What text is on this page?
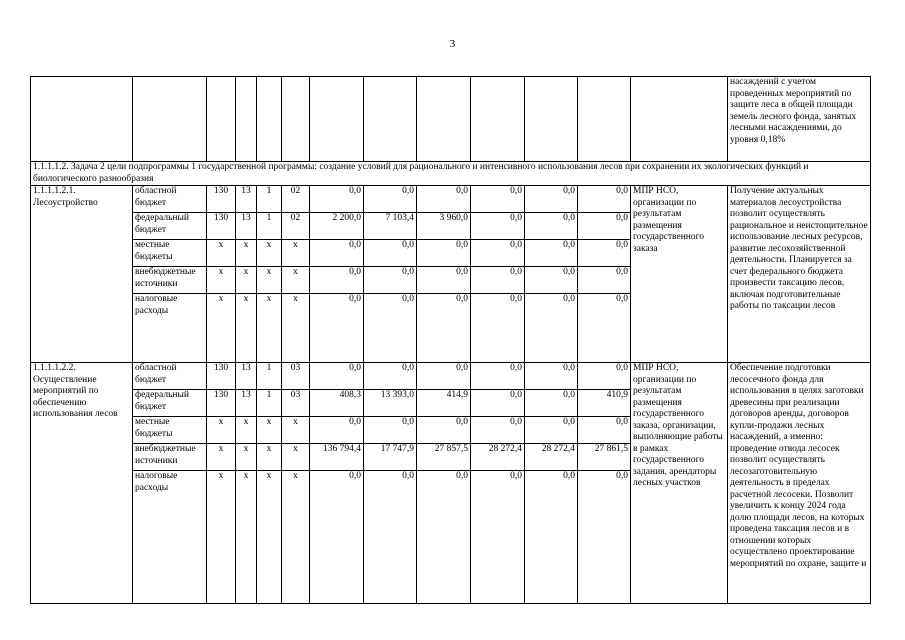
3
													насаждений с учетом проведенных мероприятий по защите леса в общей площади земель лесного фонда, занятых лесными насаждениями, до уровня 0,18%
1.1.1.1.2. Задача 2 цели подпрограммы 1 государственной программы: создание условий для рационального и интенсивного использования лесов при сохранении их экологических функций и биологического разнообразия													
1.1.1.1.2.1. Лесоустройство	областной бюджет	130	13	1	02	0,0	0,0	0,0	0,0	0,0	0,0	МПР НСО, организации по результатам размещения государственного заказа	Получение актуальных материалов лесоустройства позволит осуществлять рациональное и неистощительное использование лесных ресурсов, развитие лесохозяйственной деятельности. Планируется за счет федерального бюджета произвести таксацию лесов, включая подготовительные работы по таксации лесов
	федеральный бюджет	130	13	1	02	2 200,0	7 103,4	3 960,0	0,0	0,0	0,0		
	местные бюджеты	x	x	x	x	0,0	0,0	0,0	0,0	0,0	0,0		
	внебюджетные источники	x	x	x	x	0,0	0,0	0,0	0,0	0,0	0,0		
	налоговые расходы	x	x	x	x	0,0	0,0	0,0	0,0	0,0	0,0		
1.1.1.1.2.2. Осуществление мероприятий по обеспечению использования лесов	областной бюджет	130	13	1	03	0,0	0,0	0,0	0,0	0,0	0,0	МПР НСО, организации по результатам размещения государственного заказа, организации, выполняющие работы в рамках государственного задания, арендаторы лесных участков	Обеспечение подготовки лесосечного фонда для использования в целях заготовки древесины при реализации договоров аренды, договоров купли-продажи лесных насаждений, а именно: проведение отвода лесосек позволит осуществлять лесозаготовительную деятельность в пределах расчетной лесосеки. Позволит увеличить к концу 2024 года долю площади лесов, на которых проведена таксация лесов и в отношении которых осуществлено проектирование мероприятий по охране, защите и
	федеральный бюджет	130	13	1	03	408,3	13 393,0	414,9	0,0	0,0	410,9		
	местные бюджеты	x	x	x	x	0,0	0,0	0,0	0,0	0,0	0,0		
	внебюджетные источники	x	x	x	x	136 794,4	17 747,9	27 857,5	28 272,4	28 272,4	27 861,5		
	налоговые расходы	x	x	x	x	0,0	0,0	0,0	0,0	0,0	0,0		
